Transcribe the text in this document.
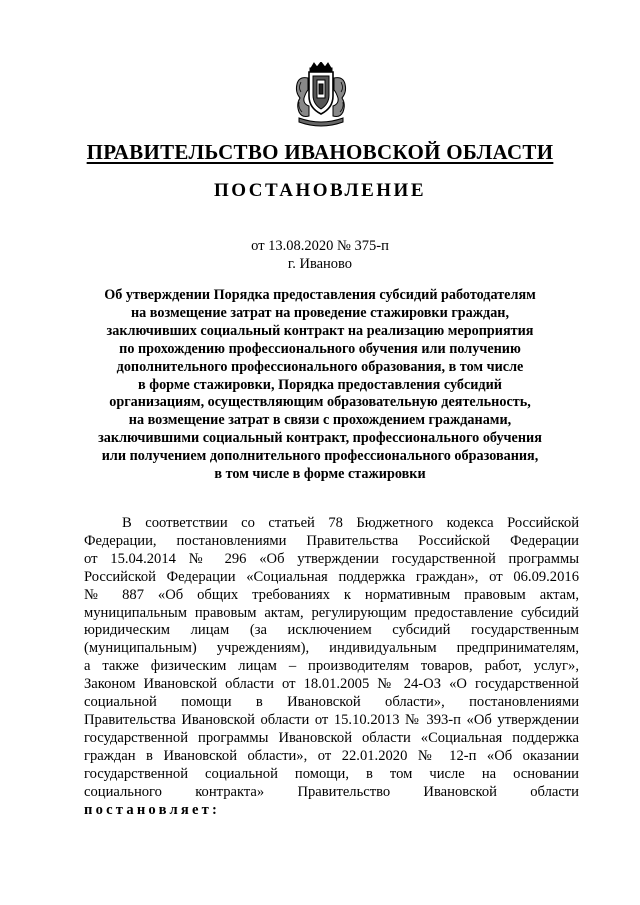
ПРАВИТЕЛЬСТВО ИВАНОВСКОЙ ОБЛАСТИ
ПОСТАНОВЛЕНИЕ
от 13.08.2020 № 375-п
г. Иваново
Об утверждении Порядка предоставления субсидий работодателям
на возмещение затрат на проведение стажировки граждан,
заключивших социальный контракт на реализацию мероприятия
по прохождению профессионального обучения или получению
дополнительного профессионального образования, в том числе
в форме стажировки, Порядка предоставления субсидий
организациям, осуществляющим образовательную деятельность,
на возмещение затрат в связи с прохождением гражданами,
заключившими социальный контракт, профессионального обучения
или получением дополнительного профессионального образования,
в том числе в форме стажировки
В соответствии со статьей 78 Бюджетного кодекса Российской
Федерации, постановлениями Правительства Российской Федерации
от 15.04.2014 № 296 «Об утверждении государственной программы
Российской Федерации «Социальная поддержка граждан», от 06.09.2016
№ 887 «Об общих требованиях к нормативным правовым актам,
муниципальным правовым актам, регулирующим предоставление субсидий
юридическим лицам (за исключением субсидий государственным
(муниципальным) учреждениям), индивидуальным предпринимателям,
а также физическим лицам – производителям товаров, работ, услуг»,
Законом Ивановской области от 18.01.2005 № 24-ОЗ «О государственной
социальной помощи в Ивановской области», постановлениями
Правительства Ивановской области от 15.10.2013 № 393-п «Об утверждении
государственной программы Ивановской области «Социальная поддержка
граждан в Ивановской области», от 22.01.2020 № 12-п «Об оказании
государственной социальной помощи, в том числе на основании
социального контракта» Правительство Ивановской области
постановляет:
